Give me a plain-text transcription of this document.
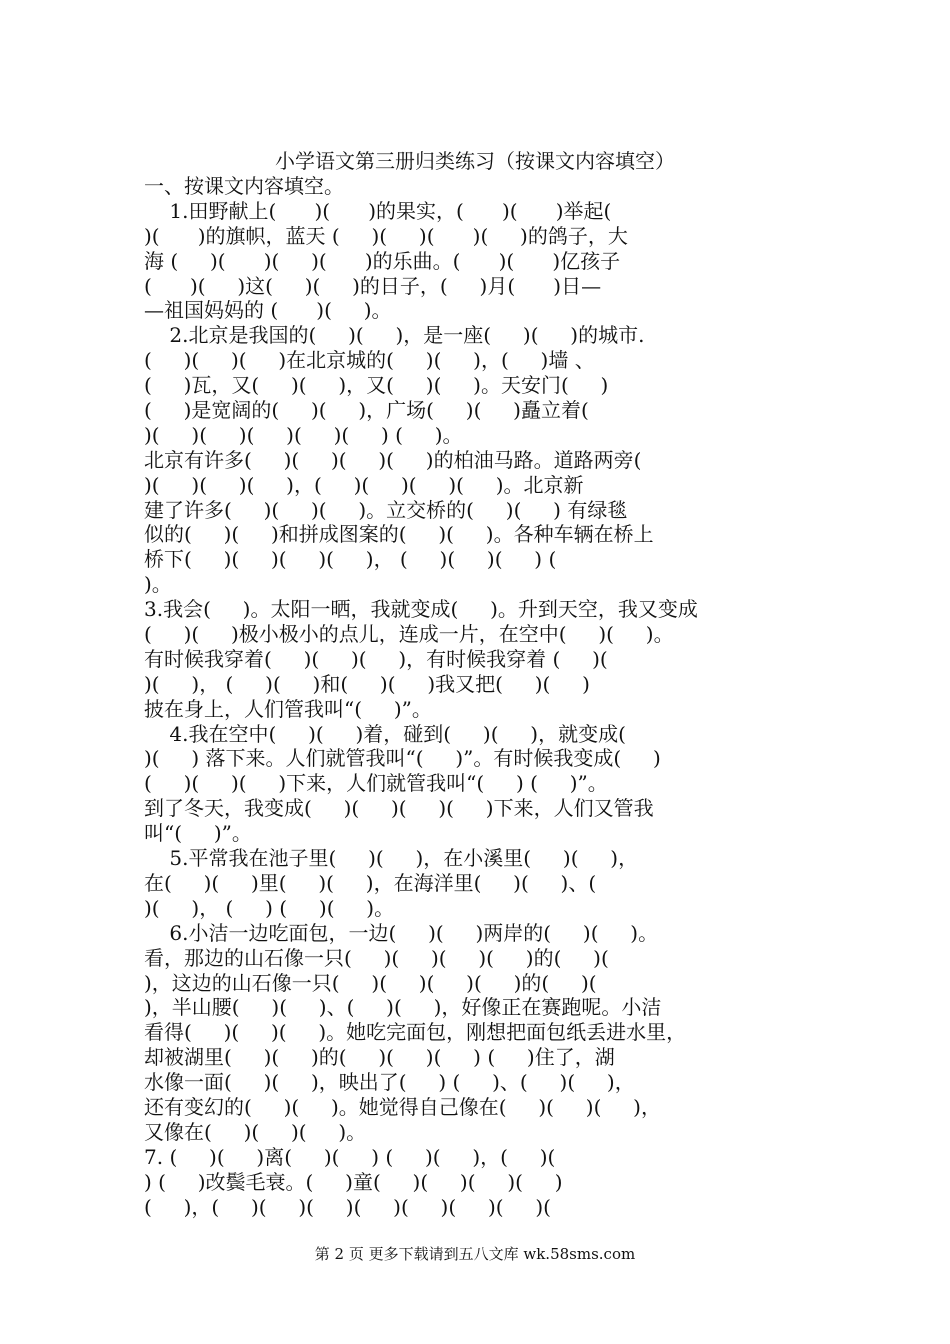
小学语文第三册归类练习（按课文内容填空）
一、按课文内容填空。
1.田野献上(      )(      )的果实，(      )(      )举起(
)(      )的旗帜，蓝天 (     )(     )(      )(     )的鸽子，大
海 (     )(      )(     )(      )的乐曲。(      )(      )亿孩子
(      )(     )这(     )(     )的日子，(     )月(      )日—
—祖国妈妈的 (      )(     )。
2.北京是我国的(     )(     )，是一座(     )(     )的城市.
(     )(     )(     )在北京城的(     )(     )，(     )墙 、
(     )瓦，又(     )(     )，又(     )(     )。天安门(     )
(     )是宽阔的(     )(     )，广场(     )(     )矗立着(
)(     )(     )(     )(     )(     ) (     )。
北京有许多(     )(     )(     )(     )的柏油马路。道路两旁(
)(     )(     )(     )，(     )(     )(     )(     )。北京新
建了许多(     )(     )(     )。立交桥的(     )(     ) 有绿毯
似的(     )(     )和拼成图案的(     )(     )。各种车辆在桥上
桥下(     )(     )(     )(     )， (     )(     )(     ) (
)。
3.我会(     )。太阳一晒，我就变成(     )。升到天空，我又变成
(     )(     )极小极小的点儿，连成一片，在空中(     )(     )。
有时候我穿着(     )(     )(     )，有时候我穿着 (     )(
)(     )， (     )(     )和(     )(     )我又把(     )(     )
披在身上，人们管我叫“(     )”。
4.我在空中(     )(     )着，碰到(     )(     )，就变成(
)(     ) 落下来。人们就管我叫“(     )”。有时候我变成(     )
(     )(     )(     )下来，人们就管我叫“(     ) (     )”。
到了冬天，我变成(     )(     )(     )(     )下来，人们又管我
叫“(     )”。
5.平常我在池子里(     )(     )，在小溪里(     )(     )，
在(     )(     )里(     )(     )，在海洋里(     )(     )、(
)(     )， (     ) (     )(     )。
6.小洁一边吃面包，一边(     )(     )两岸的(     )(     )。
看，那边的山石像一只(     )(     )(     )(     )的(     )(
)，这边的山石像一只(     )(     )(     )(     )的(     )(
)，半山腰(     )(     )、(     )(     )，好像正在赛跑呢。小洁
看得(     )(     )(     )。她吃完面包，刚想把面包纸丢进水里，
却被湖里(     )(     )的(     )(     )(     ) (     )住了，湖
水像一面(     )(     )，映出了(     ) (     )、(     )(     )，
还有变幻的(     )(     )。她觉得自己像在(     )(     )(     )，
又像在(     )(     )(     )。
7. (     )(     )离(     )(     ) (     )(     )，(     )(
) (     )改鬓毛衰。(     )童(     )(     )(     )(     )
(     )，(     )(     )(     )(     )(     )(     )(     )(
第 2 页 更多下载请到五八文库 wk.58sms.com
